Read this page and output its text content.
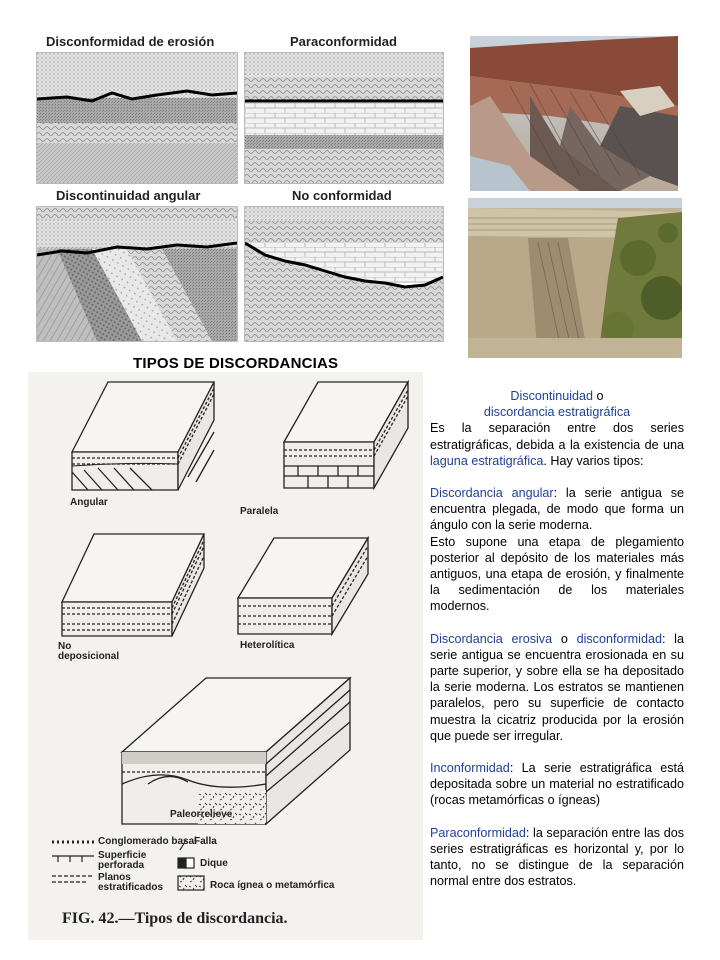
Disconformidad de erosión	Paraconformidad
Discontinuidad angular	No conformidad
TIPOS DE DISCORDANCIAS
Angular
Paralela
No
deposicional
Heterolítica
Paleorrelieve
Conglomerado basal
Superficie
perforada
Planos
estratificados
Falla
Dique
Roca ígnea o metamórfica
FIG. 42.—Tipos de discordancia.
Discontinuidad o
discordancia estratigráfica

Es la separación entre dos series estratigráficas, debida a la existencia de una laguna estratigráfica. Hay varios tipos:

Discordancia angular: la serie antigua se encuentra plegada, de modo que forma un ángulo con la serie moderna.

Esto supone una etapa de plegamiento posterior al depósito de los materiales más antiguos, una etapa de erosión, y finalmente la sedimentación de los materiales modernos.

Discordancia erosiva o disconformidad: la serie antigua se encuentra erosionada en su parte superior, y sobre ella se ha depositado la serie moderna. Los estratos se mantienen paralelos, pero su superficie de contacto muestra la cicatriz producida por la erosión que puede ser irregular.

Inconformidad: La serie estratigráfica está depositada sobre un material no estratificado (rocas metamórficas o ígneas)

Paraconformidad: la separación entre las dos series estratigráficas es horizontal y, por lo tanto, no se distingue de la separación normal entre dos estratos.
